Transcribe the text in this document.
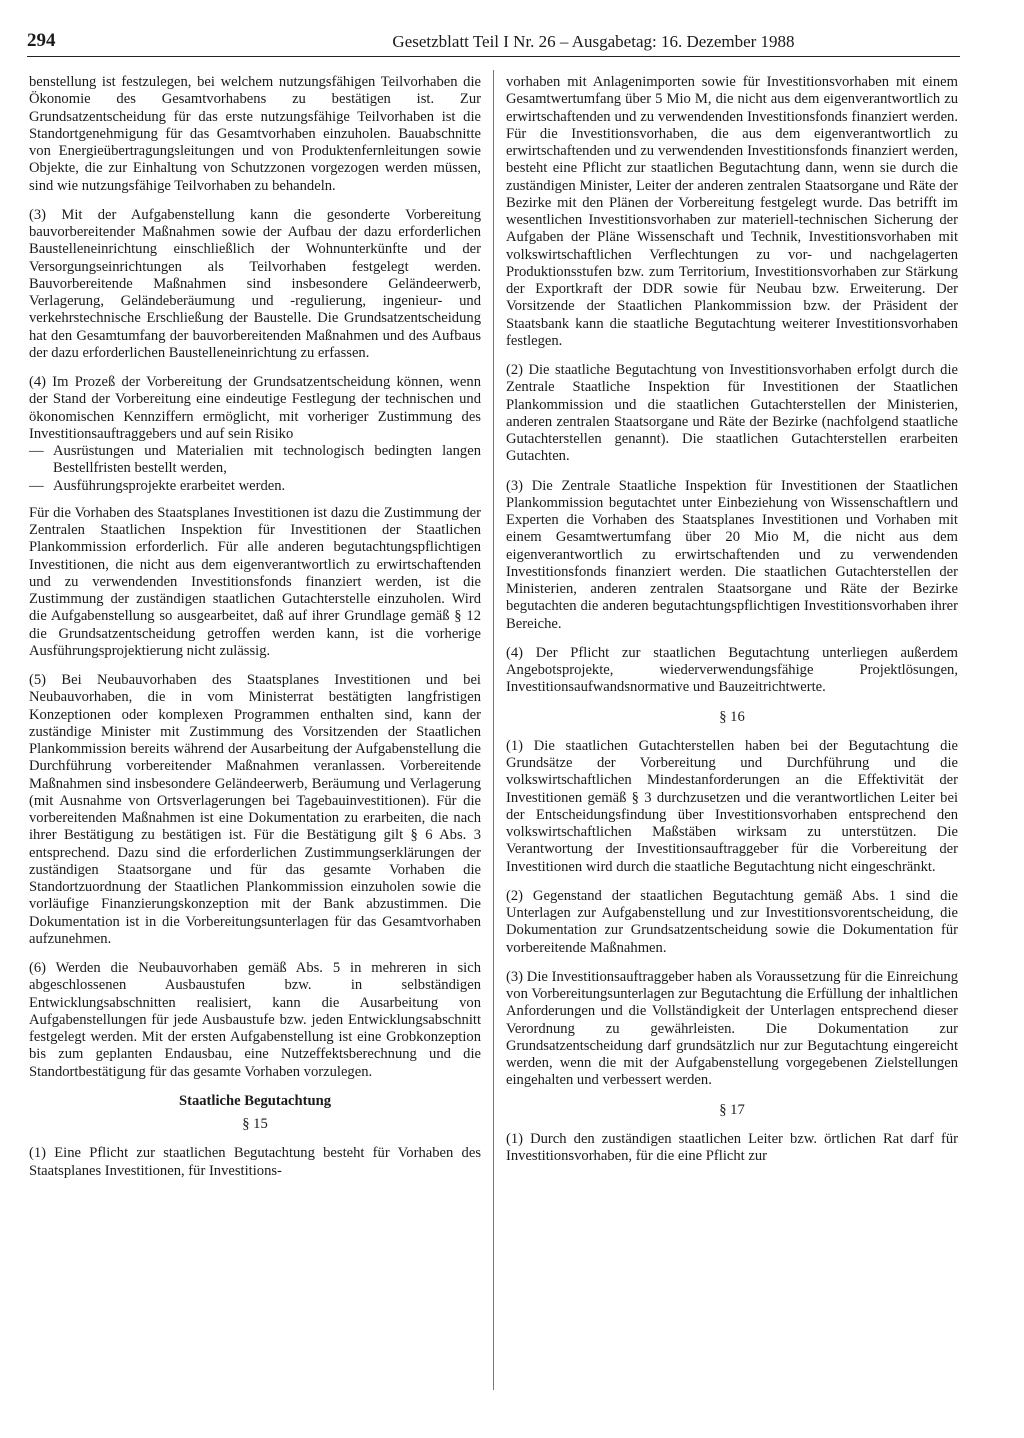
294	Gesetzblatt Teil I Nr. 26 – Ausgabetag: 16. Dezember 1988

benstellung ist festzulegen, bei welchem nutzungsfähigen Teilvorhaben die Ökonomie des Gesamtvorhabens zu bestätigen ist. Zur Grundsatzentscheidung für das erste nutzungsfähige Teilvorhaben ist die Standortgenehmigung für das Gesamtvorhaben einzuholen. Bauabschnitte von Energieübertragungsleitungen und von Produktenfernleitungen sowie Objekte, die zur Einhaltung von Schutzzonen vorgezogen werden müssen, sind wie nutzungsfähige Teilvorhaben zu behandeln.

(3) Mit der Aufgabenstellung kann die gesonderte Vorbereitung bauvorbereitender Maßnahmen sowie der Aufbau der dazu erforderlichen Baustelleneinrichtung einschließlich der Wohnunterkünfte und der Versorgungseinrichtungen als Teilvorhaben festgelegt werden. Bauvorbereitende Maßnahmen sind insbesondere Geländeerwerb, Verlagerung, Geländeberäumung und -regulierung, ingenieur- und verkehrstechnische Erschließung der Baustelle. Die Grundsatzentscheidung hat den Gesamtumfang der bauvorbereitenden Maßnahmen und des Aufbaus der dazu erforderlichen Baustelleneinrichtung zu erfassen.

(4) Im Prozeß der Vorbereitung der Grundsatzentscheidung können, wenn der Stand der Vorbereitung eine eindeutige Festlegung der technischen und ökonomischen Kennziffern ermöglicht, mit vorheriger Zustimmung des Investitionsauftraggebers und auf sein Risiko

— Ausrüstungen und Materialien mit technologisch bedingten langen Bestellfristen bestellt werden,
— Ausführungsprojekte erarbeitet werden.

Für die Vorhaben des Staatsplanes Investitionen ist dazu die Zustimmung der Zentralen Staatlichen Inspektion für Investitionen der Staatlichen Plankommission erforderlich. Für alle anderen begutachtungspflichtigen Investitionen, die nicht aus dem eigenverantwortlich zu erwirtschaftenden und zu verwendenden Investitionsfonds finanziert werden, ist die Zustimmung der zuständigen staatlichen Gutachterstelle einzuholen. Wird die Aufgabenstellung so ausgearbeitet, daß auf ihrer Grundlage gemäß § 12 die Grundsatzentscheidung getroffen werden kann, ist die vorherige Ausführungsprojektierung nicht zulässig.

(5) Bei Neubauvorhaben des Staatsplanes Investitionen und bei Neubauvorhaben, die in vom Ministerrat bestätigten langfristigen Konzeptionen oder komplexen Programmen enthalten sind, kann der zuständige Minister mit Zustimmung des Vorsitzenden der Staatlichen Plankommission bereits während der Ausarbeitung der Aufgabenstellung die Durchführung vorbereitender Maßnahmen veranlassen. Vorbereitende Maßnahmen sind insbesondere Geländeerwerb, Beräumung und Verlagerung (mit Ausnahme von Ortsverlagerungen bei Tagebauinvestitionen). Für die vorbereitenden Maßnahmen ist eine Dokumentation zu erarbeiten, die nach ihrer Bestätigung zu bestätigen ist. Für die Bestätigung gilt § 6 Abs. 3 entsprechend. Dazu sind die erforderlichen Zustimmungserklärungen der zuständigen Staatsorgane und für das gesamte Vorhaben die Standortzuordnung der Staatlichen Plankommission einzuholen sowie die vorläufige Finanzierungskonzeption mit der Bank abzustimmen. Die Dokumentation ist in die Vorbereitungsunterlagen für das Gesamtvorhaben aufzunehmen.

(6) Werden die Neubauvorhaben gemäß Abs. 5 in mehreren in sich abgeschlossenen Ausbaustufen bzw. in selbständigen Entwicklungsabschnitten realisiert, kann die Ausarbeitung von Aufgabenstellungen für jede Ausbaustufe bzw. jeden Entwicklungsabschnitt festgelegt werden. Mit der ersten Aufgabenstellung ist eine Grobkonzeption bis zum geplanten Endausbau, eine Nutzeffektsberechnung und die Standortbestätigung für das gesamte Vorhaben vorzulegen.

Staatliche Begutachtung
§ 15

(1) Eine Pflicht zur staatlichen Begutachtung besteht für Vorhaben des Staatsplanes Investitionen, für Investitions-

vorhaben mit Anlagenimporten sowie für Investitionsvorhaben mit einem Gesamtwertumfang über 5 Mio M, die nicht aus dem eigenverantwortlich zu erwirtschaftenden und zu verwendenden Investitionsfonds finanziert werden. Für die Investitionsvorhaben, die aus dem eigenverantwortlich zu erwirtschaftenden und zu verwendenden Investitionsfonds finanziert werden, besteht eine Pflicht zur staatlichen Begutachtung dann, wenn sie durch die zuständigen Minister, Leiter der anderen zentralen Staatsorgane und Räte der Bezirke mit den Plänen der Vorbereitung festgelegt wurde. Das betrifft im wesentlichen Investitionsvorhaben zur materiell-technischen Sicherung der Aufgaben der Pläne Wissenschaft und Technik, Investitionsvorhaben mit volkswirtschaftlichen Verflechtungen zu vor- und nachgelagerten Produktionsstufen bzw. zum Territorium, Investitionsvorhaben zur Stärkung der Exportkraft der DDR sowie für Neubau bzw. Erweiterung. Der Vorsitzende der Staatlichen Plankommission bzw. der Präsident der Staatsbank kann die staatliche Begutachtung weiterer Investitionsvorhaben festlegen.

(2) Die staatliche Begutachtung von Investitionsvorhaben erfolgt durch die Zentrale Staatliche Inspektion für Investitionen der Staatlichen Plankommission und die staatlichen Gutachterstellen der Ministerien, anderen zentralen Staatsorgane und Räte der Bezirke (nachfolgend staatliche Gutachterstellen genannt). Die staatlichen Gutachterstellen erarbeiten Gutachten.

(3) Die Zentrale Staatliche Inspektion für Investitionen der Staatlichen Plankommission begutachtet unter Einbeziehung von Wissenschaftlern und Experten die Vorhaben des Staatsplanes Investitionen und Vorhaben mit einem Gesamtwertumfang über 20 Mio M, die nicht aus dem eigenverantwortlich zu erwirtschaftenden und zu verwendenden Investitionsfonds finanziert werden. Die staatlichen Gutachterstellen der Ministerien, anderen zentralen Staatsorgane und Räte der Bezirke begutachten die anderen begutachtungspflichtigen Investitionsvorhaben ihrer Bereiche.

(4) Der Pflicht zur staatlichen Begutachtung unterliegen außerdem Angebotsprojekte, wiederverwendungsfähige Projektlösungen, Investitionsaufwandsnormative und Bauzeitrichtwerte.

§ 16

(1) Die staatlichen Gutachterstellen haben bei der Begutachtung die Grundsätze der Vorbereitung und Durchführung und die volkswirtschaftlichen Mindestanforderungen an die Effektivität der Investitionen gemäß § 3 durchzusetzen und die verantwortlichen Leiter bei der Entscheidungsfindung über Investitionsvorhaben entsprechend den volkswirtschaftlichen Maßstäben wirksam zu unterstützen. Die Verantwortung der Investitionsauftraggeber für die Vorbereitung der Investitionen wird durch die staatliche Begutachtung nicht eingeschränkt.

(2) Gegenstand der staatlichen Begutachtung gemäß Abs. 1 sind die Unterlagen zur Aufgabenstellung und zur Investitionsvorentscheidung, die Dokumentation zur Grundsatzentscheidung sowie die Dokumentation für vorbereitende Maßnahmen.

(3) Die Investitionsauftraggeber haben als Voraussetzung für die Einreichung von Vorbereitungsunterlagen zur Begutachtung die Erfüllung der inhaltlichen Anforderungen und die Vollständigkeit der Unterlagen entsprechend dieser Verordnung zu gewährleisten. Die Dokumentation zur Grundsatzentscheidung darf grundsätzlich nur zur Begutachtung eingereicht werden, wenn die mit der Aufgabenstellung vorgegebenen Zielstellungen eingehalten und verbessert werden.

§ 17

(1) Durch den zuständigen staatlichen Leiter bzw. örtlichen Rat darf für Investitionsvorhaben, für die eine Pflicht zur
